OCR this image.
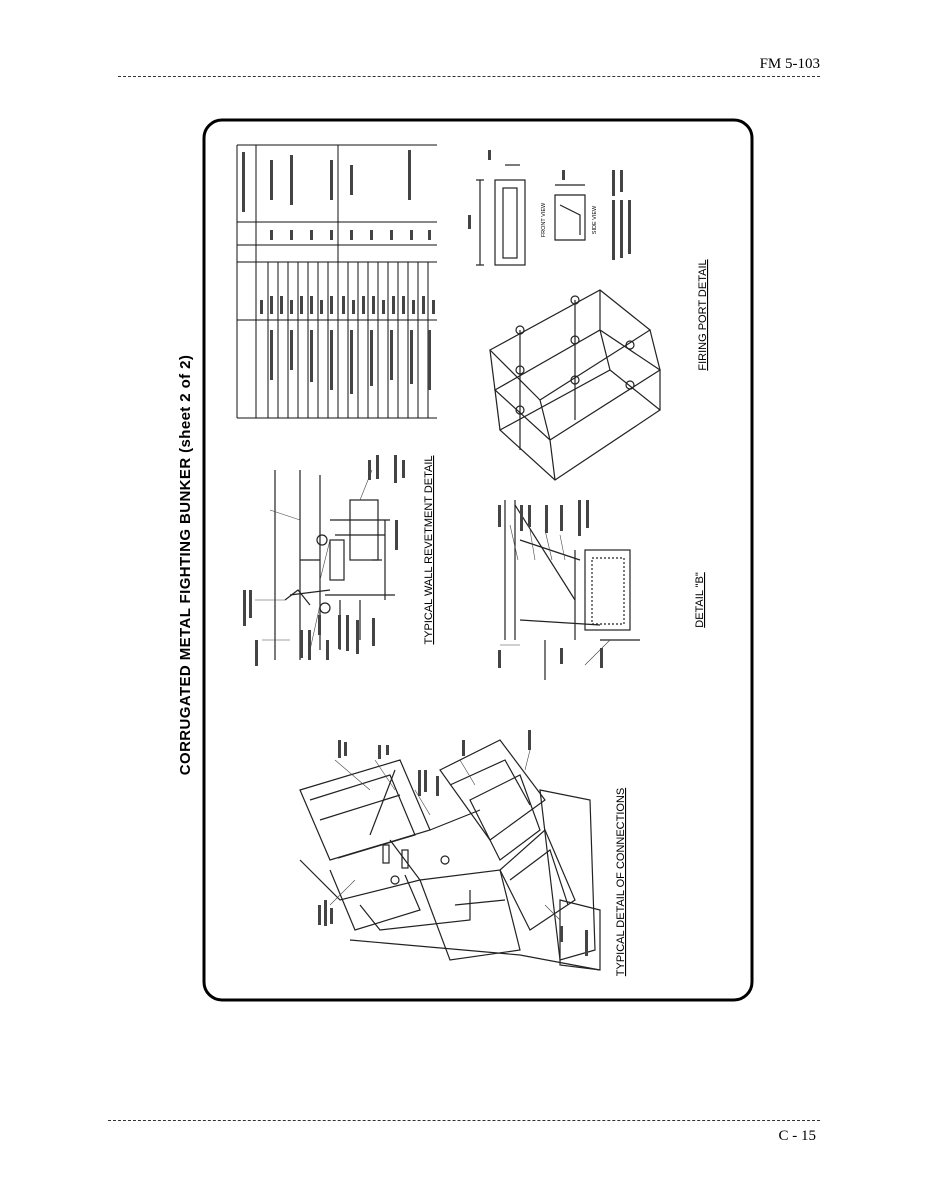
FM 5-103
CORRUGATED METAL FIGHTING BUNKER (sheet 2 of 2)
TYPICAL DETAIL OF CONNECTIONS
TYPICAL WALL REVETMENT DETAIL	DETAIL "B"
FRONT VIEW	SIDE VIEW
FIRING PORT DETAIL
C - 15
